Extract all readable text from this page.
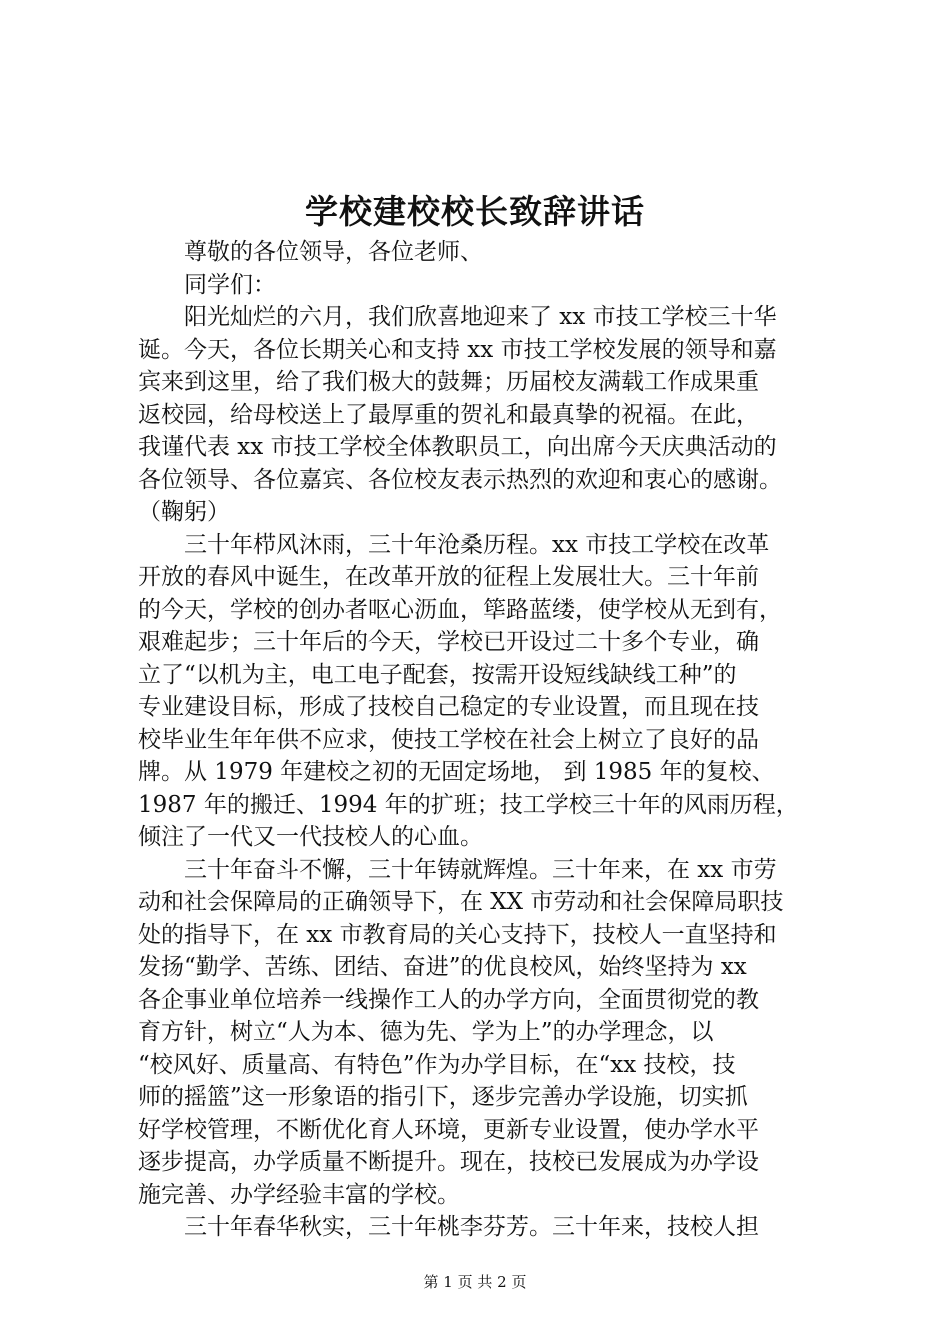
学校建校校长致辞讲话
尊敬的各位领导，各位老师、
同学们：
阳光灿烂的六月，我们欣喜地迎来了 xx 市技工学校三十华
诞。今天，各位长期关心和支持 xx 市技工学校发展的领导和嘉
宾来到这里，给了我们极大的鼓舞；历届校友满载工作成果重
返校园，给母校送上了最厚重的贺礼和最真挚的祝福。在此，
我谨代表 xx 市技工学校全体教职员工，向出席今天庆典活动的
各位领导、各位嘉宾、各位校友表示热烈的欢迎和衷心的感谢。
（鞠躬）
三十年栉风沐雨，三十年沧桑历程。xx 市技工学校在改革
开放的春风中诞生，在改革开放的征程上发展壮大。三十年前
的今天，学校的创办者呕心沥血，筚路蓝缕，使学校从无到有，
艰难起步；三十年后的今天，学校已开设过二十多个专业，确
立了“以机为主，电工电子配套，按需开设短线缺线工种”的
专业建设目标，形成了技校自己稳定的专业设置，而且现在技
校毕业生年年供不应求，使技工学校在社会上树立了良好的品
牌。从 1979 年建校之初的无固定场地， 到 1985 年的复校、
1987 年的搬迁、1994 年的扩班；技工学校三十年的风雨历程，
倾注了一代又一代技校人的心血。
三十年奋斗不懈，三十年铸就辉煌。三十年来，在 xx 市劳
动和社会保障局的正确领导下，在 XX 市劳动和社会保障局职技
处的指导下，在 xx 市教育局的关心支持下，技校人一直坚持和
发扬“勤学、苦练、团结、奋进”的优良校风，始终坚持为 xx
各企事业单位培养一线操作工人的办学方向，全面贯彻党的教
育方针，树立“人为本、德为先、学为上”的办学理念，以
“校风好、质量高、有特色”作为办学目标，在“xx 技校，技
师的摇篮”这一形象语的指引下，逐步完善办学设施，切实抓
好学校管理，不断优化育人环境，更新专业设置，使办学水平
逐步提高，办学质量不断提升。现在，技校已发展成为办学设
施完善、办学经验丰富的学校。
三十年春华秋实，三十年桃李芬芳。三十年来，技校人担
第 1 页 共 2 页
